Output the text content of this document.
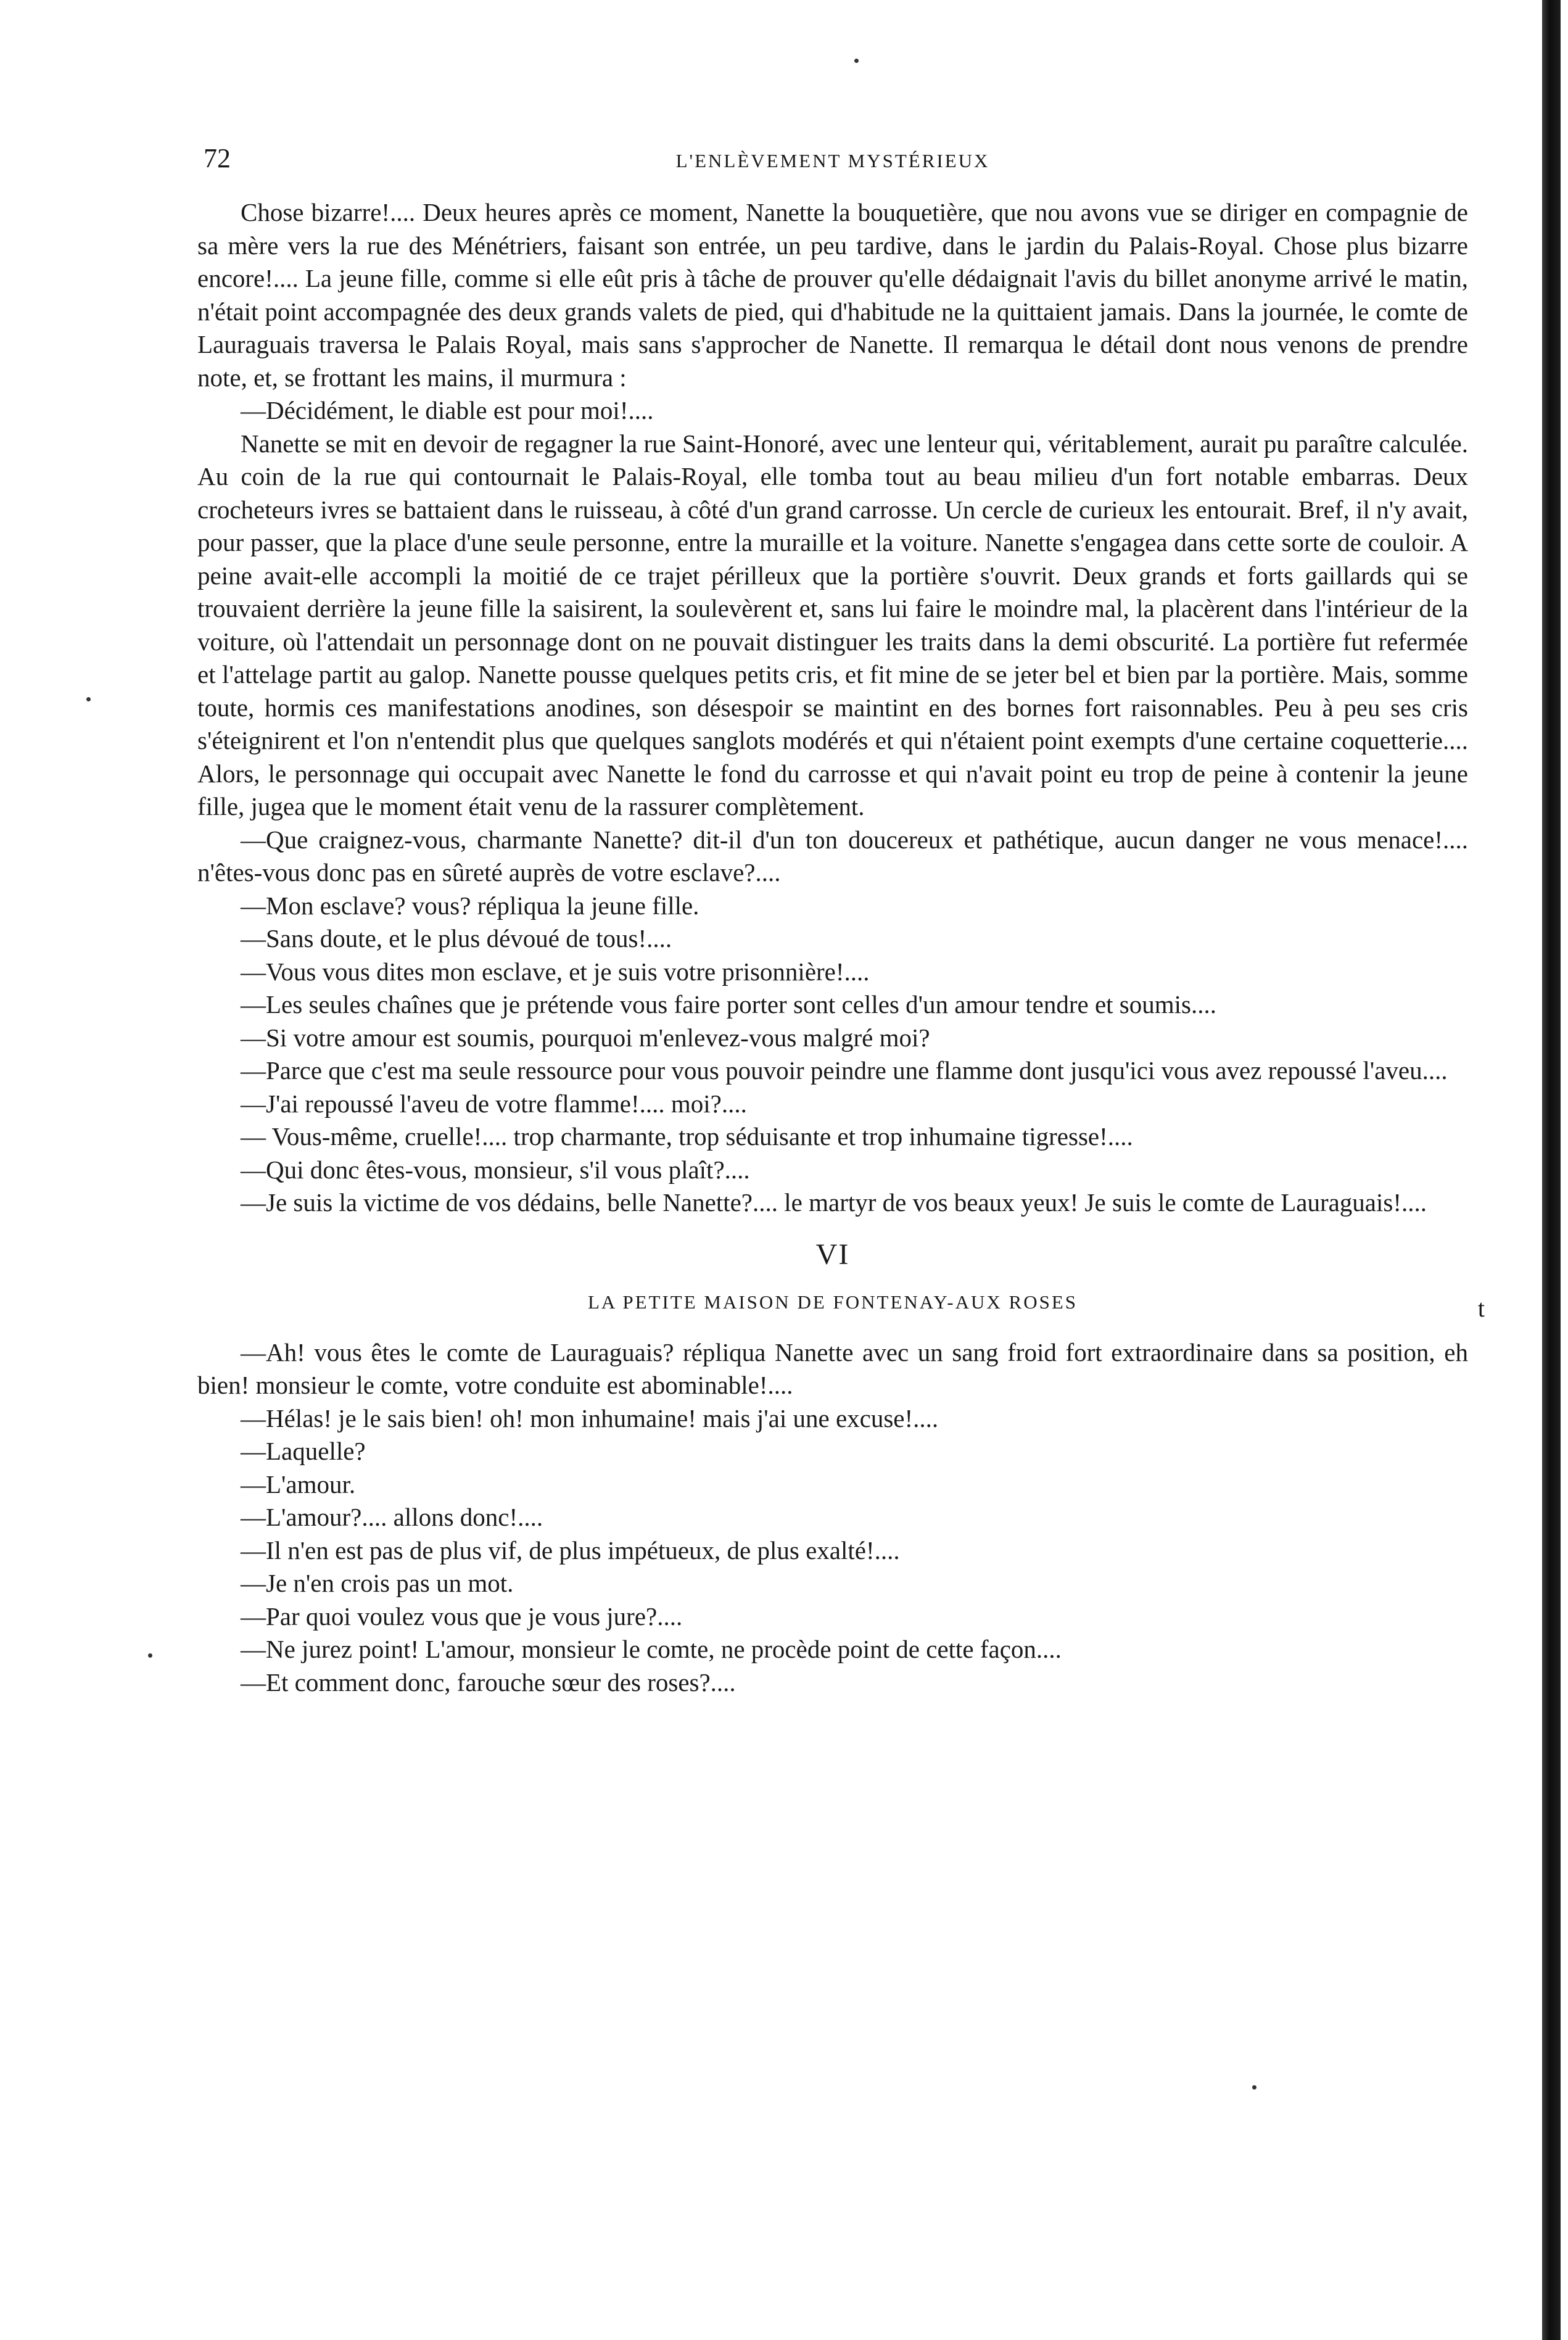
72	L'ENLÈVEMENT MYSTÉRIEUX

Chose bizarre!.... Deux heures après ce moment, Nanette la bouquetière, que nou avons vue se diriger en compagnie de sa mère vers la rue des Ménétriers, faisant son entrée, un peu tardive, dans le jardin du Palais-Royal. Chose plus bizarre encore!.... La jeune fille, comme si elle eût pris à tâche de prouver qu'elle dédaignait l'avis du billet anonyme arrivé le matin, n'était point accompagnée des deux grands valets de pied, qui d'habitude ne la quittaient jamais. Dans la journée, le comte de Lauraguais traversa le Palais Royal, mais sans s'approcher de Nanette. Il remarqua le détail dont nous venons de prendre note, et, se frottant les mains, il murmura :

—Décidément, le diable est pour moi!....

Nanette se mit en devoir de regagner la rue Saint-Honoré, avec une lenteur qui, véritablement, aurait pu paraître calculée. Au coin de la rue qui contournait le Palais-Royal, elle tomba tout au beau milieu d'un fort notable embarras. Deux crocheteurs ivres se battaient dans le ruisseau, à côté d'un grand carrosse. Un cercle de curieux les entourait. Bref, il n'y avait, pour passer, que la place d'une seule personne, entre la muraille et la voiture. Nanette s'engagea dans cette sorte de couloir. A peine avait-elle accompli la moitié de ce trajet périlleux que la portière s'ouvrit. Deux grands et forts gaillards qui se trouvaient derrière la jeune fille la saisirent, la soulevèrent et, sans lui faire le moindre mal, la placèrent dans l'intérieur de la voiture, où l'attendait un personnage dont on ne pouvait distinguer les traits dans la demi obscurité. La portière fut refermée et l'attelage partit au galop. Nanette pousse quelques petits cris, et fit mine de se jeter bel et bien par la portière. Mais, somme toute, hormis ces manifestations anodines, son désespoir se maintint en des bornes fort raisonnables. Peu à peu ses cris s'éteignirent et l'on n'entendit plus que quelques sanglots modérés et qui n'étaient point exempts d'une certaine coquetterie.... Alors, le personnage qui occupait avec Nanette le fond du carrosse et qui n'avait point eu trop de peine à contenir la jeune fille, jugea que le moment était venu de la rassurer complètement.

—Que craignez-vous, charmante Nanette? dit-il d'un ton doucereux et pathétique, aucun danger ne vous menace!.... n'êtes-vous donc pas en sûreté auprès de votre esclave?....

—Mon esclave? vous? répliqua la jeune fille.

—Sans doute, et le plus dévoué de tous!....

—Vous vous dites mon esclave, et je suis votre prisonnière!....

—Les seules chaînes que je prétende vous faire porter sont celles d'un amour tendre et soumis....

—Si votre amour est soumis, pourquoi m'enlevez-vous malgré moi?

—Parce que c'est ma seule ressource pour vous pouvoir peindre une flamme dont jusqu'ici vous avez repoussé l'aveu....

—J'ai repoussé l'aveu de votre flamme!.... moi?....

— Vous-même, cruelle!.... trop charmante, trop séduisante et trop inhumaine tigresse!....

—Qui donc êtes-vous, monsieur, s'il vous plaît?....

—Je suis la victime de vos dédains, belle Nanette?.... le martyr de vos beaux yeux! Je suis le comte de Lauraguais!....

VI
LA PETITE MAISON DE FONTENAY-AUX ROSES	t

—Ah! vous êtes le comte de Lauraguais? répliqua Nanette avec un sang froid fort extraordinaire dans sa position, eh bien! monsieur le comte, votre conduite est abominable!....

—Hélas! je le sais bien! oh! mon inhumaine! mais j'ai une excuse!....

—Laquelle?

—L'amour.

—L'amour?.... allons donc!....

—Il n'en est pas de plus vif, de plus impétueux, de plus exalté!....

—Je n'en crois pas un mot.

—Par quoi voulez vous que je vous jure?....

—Ne jurez point! L'amour, monsieur le comte, ne procède point de cette façon....

—Et comment donc, farouche sœur des roses?....
